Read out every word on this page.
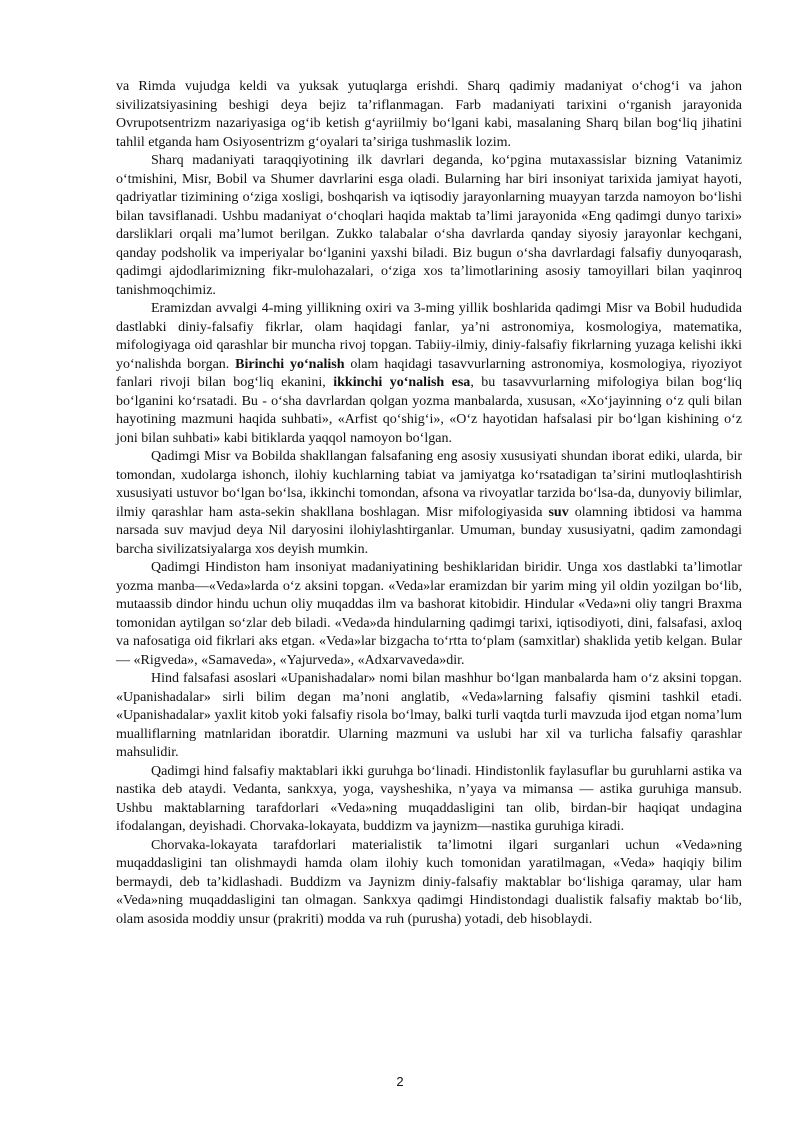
va Rimda vujudga keldi va yuksak yutuqlarga erishdi. Sharq qadimiy madaniyat oʻchogʻi va jahon sivilizatsiyasining beshigi deya bejiz taʼriflanmagan. Farb madaniyati tarixini oʻrganish jarayonida Ovrupotsentrizm nazariyasiga ogʻib ketish gʻayriilmiy boʻlgani kabi, masalaning Sharq bilan bogʻliq jihatini tahlil etganda ham Osiyosentrizm gʻoyalari taʼsiriga tushmaslik lozim.

Sharq madaniyati taraqqiyotining ilk davrlari deganda, koʻpgina mutaxassislar bizning Vatanimiz oʻtmishini, Misr, Bobil va Shumer davrlarini esga oladi. Bularning har biri insoniyat tarixida jamiyat hayoti, qadriyatlar tizimining oʻziga xosligi, boshqarish va iqtisodiy jarayonlarning muayyan tarzda namoyon boʻlishi bilan tavsiflanadi. Ushbu madaniyat oʻchoqlari haqida maktab taʼlimi jarayonida «Eng qadimgi dunyo tarixi» darsliklari orqali maʼlumot berilgan. Zukko talabalar oʻsha davrlarda qanday siyosiy jarayonlar kechgani, qanday podsholik va imperiyalar boʻlganini yaxshi biladi. Biz bugun oʻsha davrlardagi falsafiy dunyoqarash, qadimgi ajdodlarimizning fikr-mulohazalari, oʻziga xos taʼlimotlarining asosiy tamoyillari bilan yaqinroq tanishmoqchimiz.

Eramizdan avvalgi 4-ming yillikning oxiri va 3-ming yillik boshlarida qadimgi Misr va Bobil hududida dastlabki diniy-falsafiy fikrlar, olam haqidagi fanlar, yaʼni astronomiya, kosmologiya, matematika, mifologiyaga oid qarashlar bir muncha rivoj topgan. Tabiiy-ilmiy, diniy-falsafiy fikrlarning yuzaga kelishi ikki yoʻnalishda borgan. Birinchi yoʻnalish olam haqidagi tasavvurlarning astronomiya, kosmologiya, riyoziyot fanlari rivoji bilan bogʻliq ekanini, ikkinchi yoʻnalish esa, bu tasavvurlarning mifologiya bilan bogʻliq boʻlganini koʻrsatadi. Bu - oʻsha davrlardan qolgan yozma manbalarda, xususan, «Xoʻjayinning oʻz quli bilan hayotining mazmuni haqida suhbati», «Arfist qoʻshigʻi», «Oʻz hayotidan hafsalasi pir boʻlgan kishining oʻz joni bilan suhbati» kabi bitiklarda yaqqol namoyon boʻlgan.

Qadimgi Misr va Bobilda shakllangan falsafaning eng asosiy xususiyati shundan iborat ediki, ularda, bir tomondan, xudolarga ishonch, ilohiy kuchlarning tabiat va jamiyatga koʻrsatadigan taʼsirini mutloqlashtirish xususiyati ustuvor boʻlgan boʻlsa, ikkinchi tomondan, afsona va rivoyatlar tarzida boʻlsa-da, dunyoviy bilimlar, ilmiy qarashlar ham asta-sekin shakllana boshlagan. Misr mifologiyasida suv olamning ibtidosi va hamma narsada suv mavjud deya Nil daryosini ilohiylashtirganlar. Umuman, bunday xususiyatni, qadim zamondagi barcha sivilizatsiyalarga xos deyish mumkin.

Qadimgi Hindiston ham insoniyat madaniyatining beshiklaridan biridir. Unga xos dastlabki taʼlimotlar yozma manba—«Veda»larda oʻz aksini topgan. «Veda»lar eramizdan bir yarim ming yil oldin yozilgan boʻlib, mutaassib dindor hindu uchun oliy muqaddas ilm va bashorat kitobidir. Hindular «Veda»ni oliy tangri Braxma tomonidan aytilgan soʻzlar deb biladi. «Veda»da hindularning qadimgi tarixi, iqtisodiyoti, dini, falsafasi, axloq va nafosatiga oid fikrlari aks etgan. «Veda»lar bizgacha toʻrtta toʻplam (samxitlar) shaklida yetib kelgan. Bular — «Rigveda», «Samaveda», «Yajurveda», «Adxarvaveda»dir.

Hind falsafasi asoslari «Upanishadalar» nomi bilan mashhur boʻlgan manbalarda ham oʻz aksini topgan. «Upanishadalar» sirli bilim degan maʼnoni anglatib, «Veda»larning falsafiy qismini tashkil etadi. «Upanishadalar» yaxlit kitob yoki falsafiy risola boʻlmay, balki turli vaqtda turli mavzuda ijod etgan nomaʼlum mualliflarning matnlaridan iboratdir. Ularning mazmuni va uslubi har xil va turlicha falsafiy qarashlar mahsulidir.

Qadimgi hind falsafiy maktablari ikki guruhga boʻlinadi. Hindistonlik faylasuflar bu guruhlarni astika va nastika deb ataydi. Vedanta, sankxya, yoga, vaysheshika, nʼyaya va mimansa — astika guruhiga mansub. Ushbu maktablarning tarafdorlari «Veda»ning muqaddasligini tan olib, birdan-bir haqiqat undagina ifodalangan, deyishadi. Chorvaka-lokayata, buddizm va jaynizm—nastika guruhiga kiradi.

Chorvaka-lokayata tarafdorlari materialistik taʼlimotni ilgari surganlari uchun «Veda»ning muqaddasligini tan olishmaydi hamda olam ilohiy kuch tomonidan yaratilmagan, «Veda» haqiqiy bilim bermaydi, deb taʼkidlashadi. Buddizm va Jaynizm diniy-falsafiy maktablar boʻlishiga qaramay, ular ham «Veda»ning muqaddasligini tan olmagan. Sankxya qadimgi Hindistondagi dualistik falsafiy maktab boʻlib, olam asosida moddiy unsur (prakriti) modda va ruh (purusha) yotadi, deb hisoblaydi.

2
